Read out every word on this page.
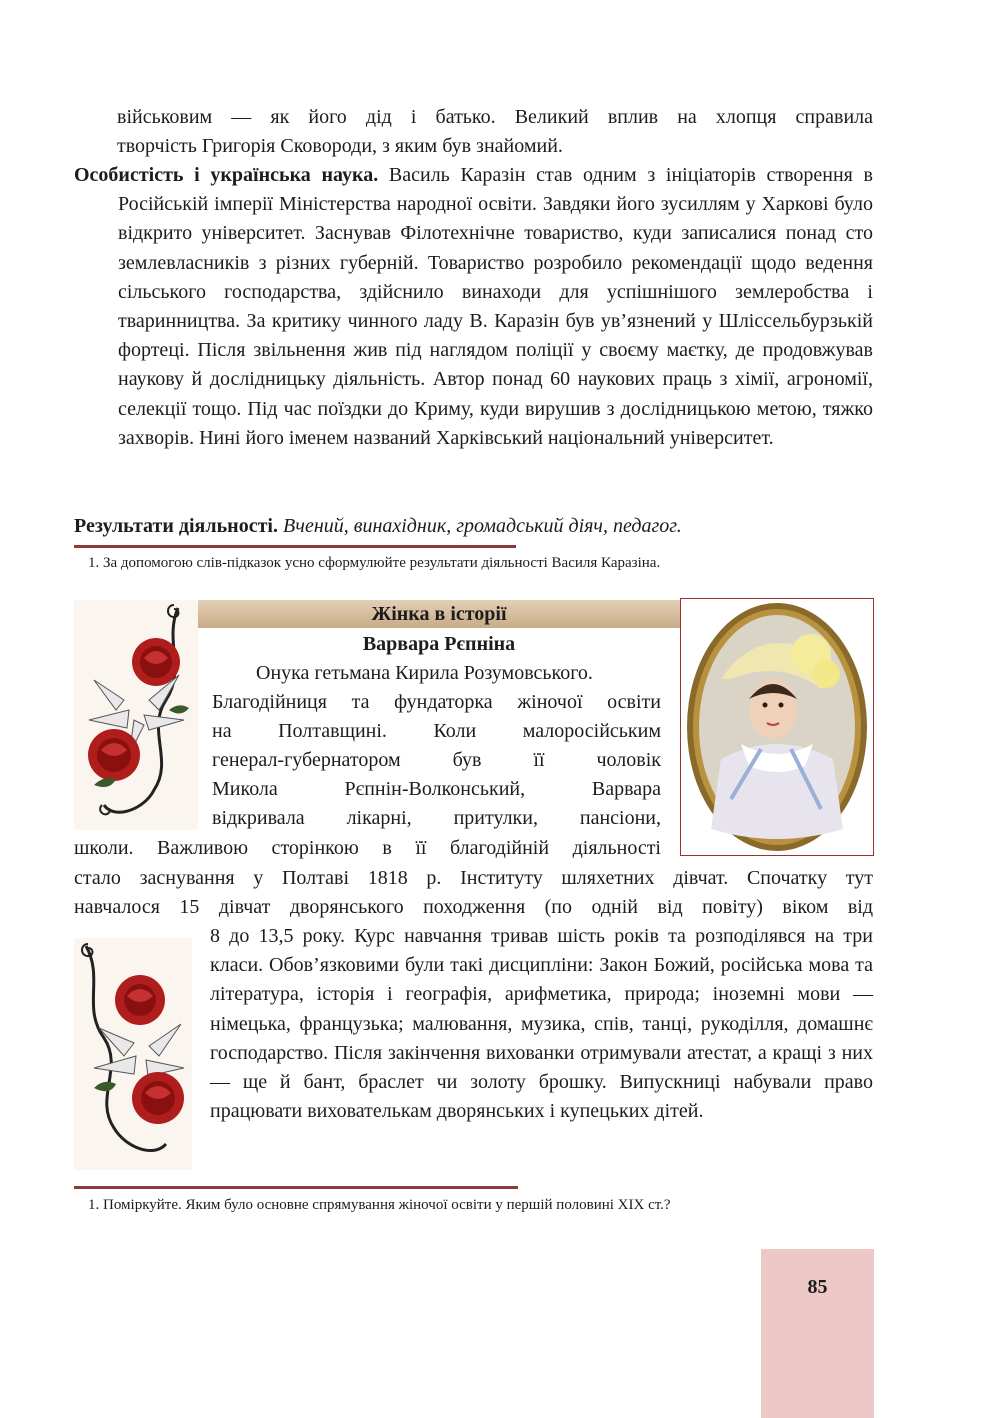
військовим — як його дід і батько. Великий вплив на хлопця справила
творчість Григорія Сковороди, з яким був знайомий.

Особистість і українська наука. Василь Каразін став одним з ініціаторів створення в Російській імперії Міністерства народної освіти. Завдяки його зусиллям у Харкові було відкрито університет. Заснував Філотехнічне товариство, куди записалися понад сто землевласників з різних губерній. Товариство розробило рекомендації щодо ведення сільського господарства, здійснило винаходи для успішнішого землеробства і тваринництва. За критику чинного ладу В. Каразін був ув’язнений у Шліссельбурзькій фортеці. Після звільнення жив під наглядом поліції у своєму маєтку, де продовжував наукову й дослідницьку діяльність. Автор понад 60 наукових праць з хімії, агрономії, селекції тощо. Під час поїздки до Криму, куди вирушив з дослідницькою метою, тяжко захворів. Нині його іменем названий Харківський національний університет.

Результати діяльності. Вчений, винахідник, громадський діяч, педагог.
1. За допомогою слів-підказок усно сформулюйте результати діяльності Василя Каразіна.
Жінка в історії
Варвара Рєпніна
Онука гетьмана Кирила Розумовського.
Благодійниця та фундаторка жіночої освіти
на Полтавщині. Коли малоросійським
генерал-губернатором був її чоловік
Микола Рєпнін-Волконський, Варвара
відкривала лікарні, притулки, пансіони,
школи. Важливою сторінкою в її благодійній діяльності
стало заснування у Полтаві 1818 р. Інституту шляхетних дівчат. Спочатку тут
навчалося 15 дівчат дворянського походження (по одній від повіту) віком від

8 до 13,5 року. Курс навчання тривав шість років та розподілявся на три класи. Обов’язковими були такі дисципліни: Закон Божий, російська мова та література, історія і географія, арифметика, природа; іноземні мови — німецька, французька; малювання, музика, спів, танці, рукоділля, домашнє господарство. Після закінчення вихованки отримували атестат, а кращі з них — ще й бант, браслет чи золоту брошку. Випускниці набували право працювати вихователькам дворянських і купецьких дітей.

1. Поміркуйте. Яким було основне спрямування жіночої освіти у першій половині XIX ст.?
85
